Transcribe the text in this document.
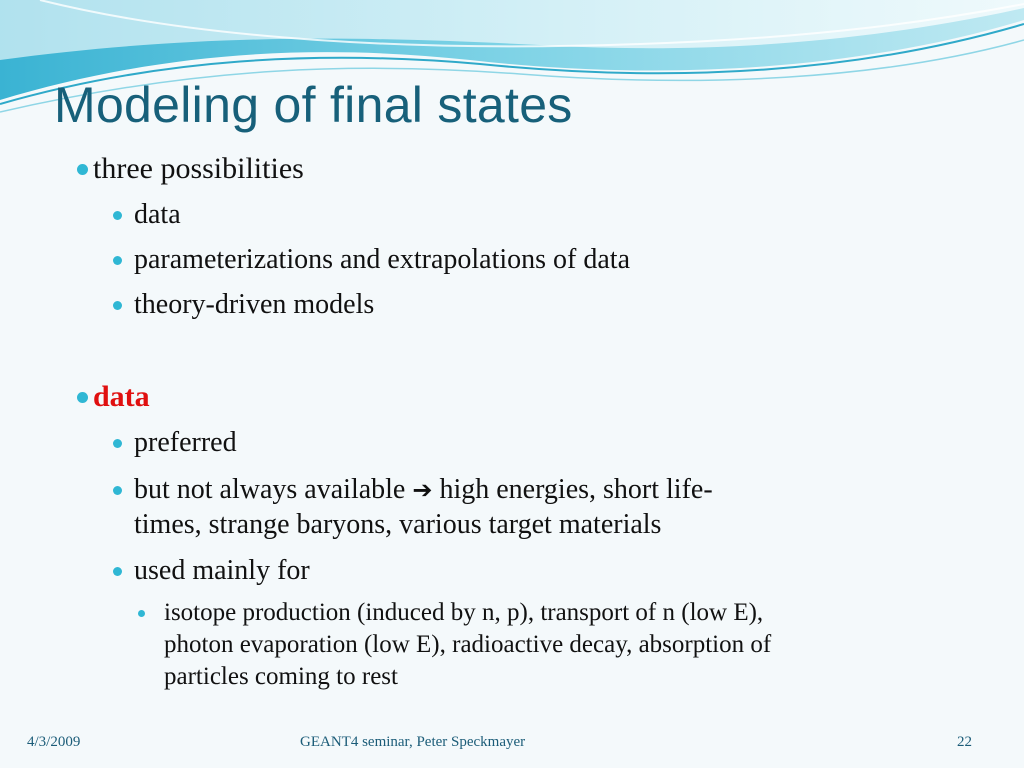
Modeling of final states
three possibilities
data
parameterizations and extrapolations of data
theory-driven models
data
preferred
but not always available ➔ high energies, short life-
times, strange baryons, various target materials
used mainly for
isotope production (induced by n, p), transport of n (low E),
photon evaporation (low E), radioactive decay, absorption of
particles coming to rest
4/3/2009	GEANT4 seminar, Peter Speckmayer	22
